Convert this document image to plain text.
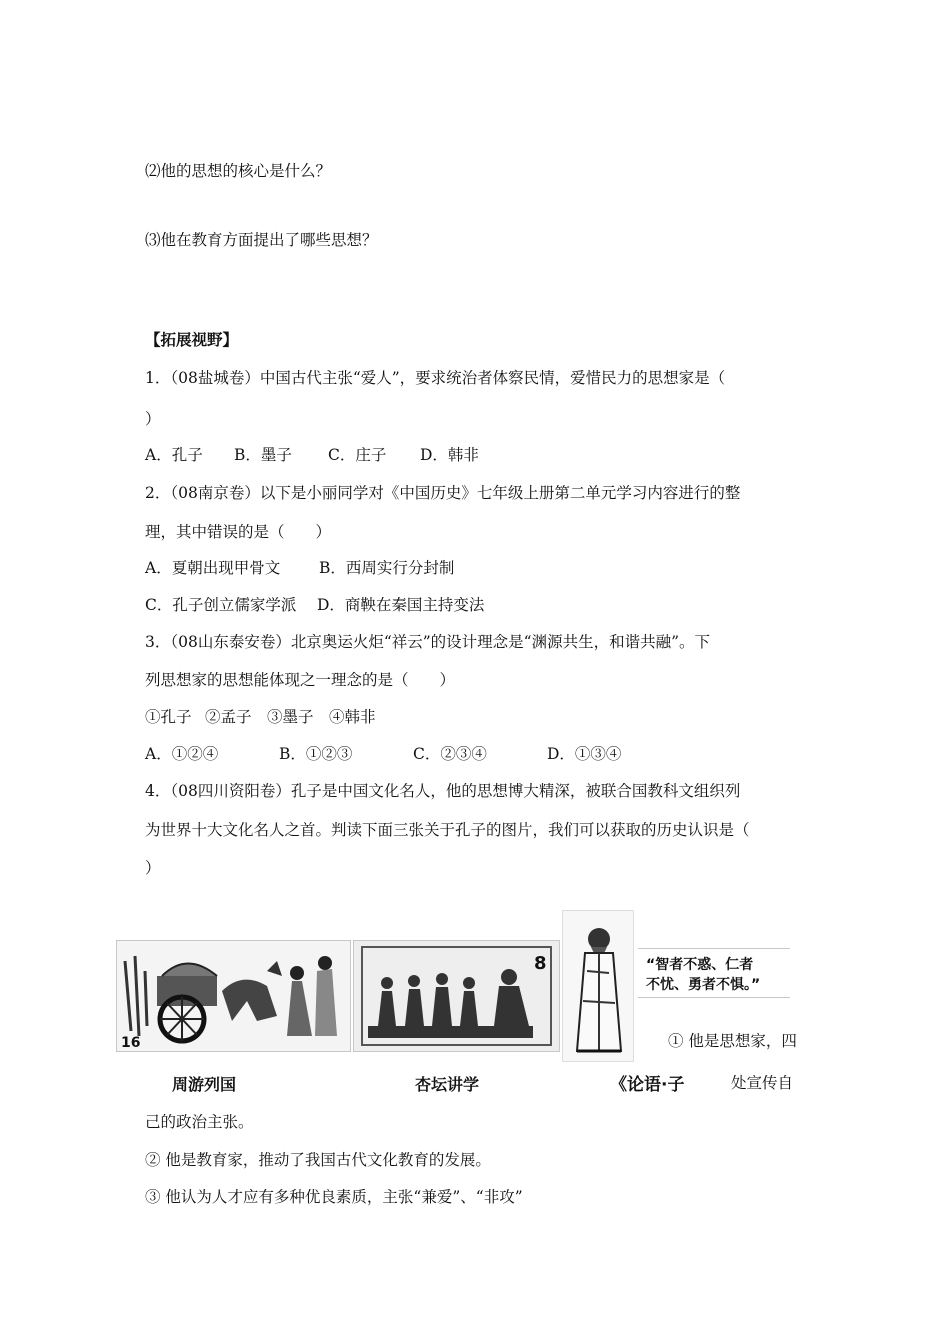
⑵他的思想的核心是什么？
⑶他在教育方面提出了哪些思想？
【拓展视野】
1．（08盐城卷）中国古代主张“爱人”，要求统治者体察民情，爱惜民力的思想家是（
）
A．孔子 B．墨子 C．庄子 D．韩非
2．（08南京卷）以下是小丽同学对《中国历史》七年级上册第二单元学习内容进行的整
理，其中错误的是（　　）
A．夏朝出现甲骨文	B．西周实行分封制
C．孔子创立儒家学派 D．商鞅在秦国主持变法
3．（08山东泰安卷）北京奥运火炬“祥云”的设计理念是“渊源共生，和谐共融”。下
列思想家的思想能体现之一理念的是（　　）
①孔子 ②孟子 ③墨子 ④韩非
A．①②④	B．①②③	C．②③④	D．①③④
4．（08四川资阳卷）孔子是中国文化名人，他的思想博大精深，被联合国教科文组织列
为世界十大文化名人之首。判读下面三张关于孔子的图片，我们可以获取的历史认识是（
）
16
周游列国
8
杏坛讲学	《论语·子
“智者不惑、仁者
不忧、勇者不惧。”
① 他是思想家，四
处宣传自
己的政治主张。
② 他是教育家，推动了我国古代文化教育的发展。
③ 他认为人才应有多种优良素质，主张“兼爱”、“非攻”
